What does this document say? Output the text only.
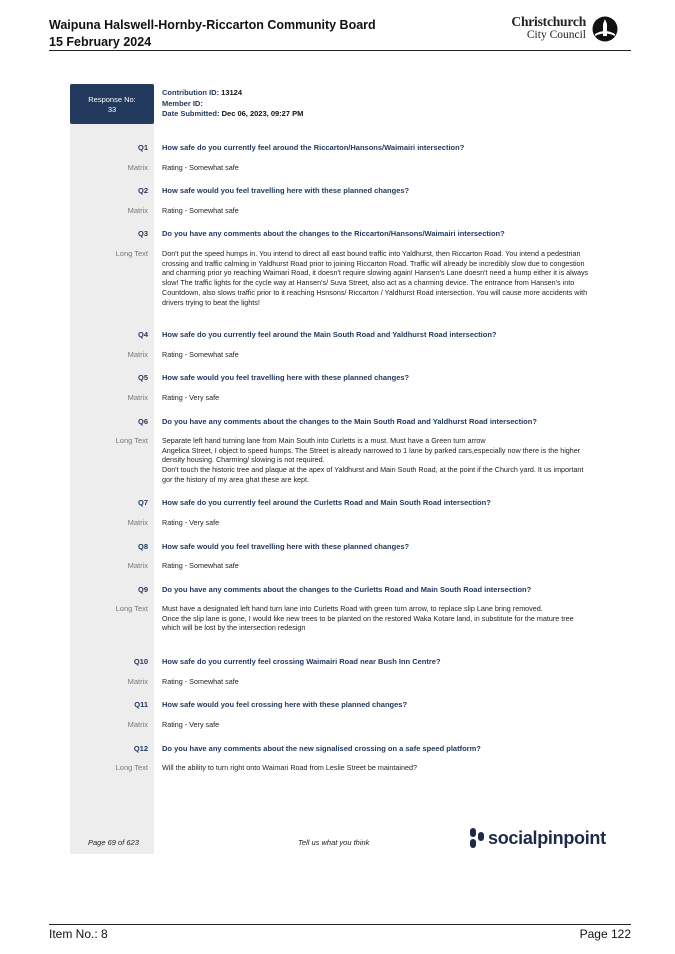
Waipuna Halswell-Hornby-Riccarton Community Board
15 February 2024
Christchurch
City Council
Response No:
33
Contribution ID: 13124
Member ID:
Date Submitted: Dec 06, 2023, 09:27 PM
Q1 How safe do you currently feel around the Riccarton/Hansons/Waimairi intersection?
Matrix Rating - Somewhat safe
Q2 How safe would you feel travelling here with these planned changes?
Matrix Rating - Somewhat safe
Q3 Do you have any comments about the changes to the Riccarton/Hansons/Waimairi intersection?
Long Text Don't put the speed humps in. You intend to direct all east bound traffic into Yaldhurst, then Riccarton Road. You intend a pedestrian crossing and traffic calming in Yaldhurst Road prior to joining Riccarton Road. Traffic will already be incredibly slow due to congestion and charming prior yo reaching Waimari Road, it doesn't require slowing again! Hansen's Lane doesn't need a hump either it is always slow! The traffic lights for the cycle way at Hansen's/ Suva Street, also act as a charming device. The entrance from Hansen's into Countdown, also slows traffic prior to it reaching Hsnsons/ Riccarton / Yaldhurst Road intersection. You will cause more accidents with drivers trying to beat the lights!
Q4 How safe do you currently feel around the Main South Road and Yaldhurst Road intersection?
Matrix Rating - Somewhat safe
Q5 How safe would you feel travelling here with these planned changes?
Matrix Rating - Very safe
Q6 Do you have any comments about the changes to the Main South Road and Yaldhurst Road intersection?
Long Text Separate left hand turning lane from Main South into Curletts is a must. Must have a Green turn arrow
Angelica Street, I object to speed humps. The Street is already narrowed to 1 lane by parked cars,especially now there is the higher density housing. Charming/ slowing is not required.
Don't touch the historic tree and plaque at the apex of Yaldhurst and Main South Road, at the point if the Church yard. It us important gor the history of my area ghat these are kept.
Q7 How safe do you currently feel around the Curletts Road and Main South Road intersection?
Matrix Rating - Very safe
Q8 How safe would you feel travelling here with these planned changes?
Matrix Rating - Somewhat safe
Q9 Do you have any comments about the changes to the Curletts Road and Main South Road intersection?
Long Text Must have a designated left hand turn lane into Curletts Road with green turn arrow, to replace slip Lane bring removed.
Once the slip lane is gone, I would like new trees to be planted on the restored Waka Kotare land, in substitute for the mature tree which will be lost by the intersection redesign
Q10 How safe do you currently feel crossing Waimairi Road near Bush Inn Centre?
Matrix Rating - Somewhat safe
Q11 How safe would you feel crossing here with these planned changes?
Matrix Rating - Very safe
Q12 Do you have any comments about the new signalised crossing on a safe speed platform?
Long Text Will the ability to turn right onto Waimari Road from Leslie Street be maintained?
Page 69 of 623	Tell us what you think	socialpinpoint
Item No.: 8	Page 122
